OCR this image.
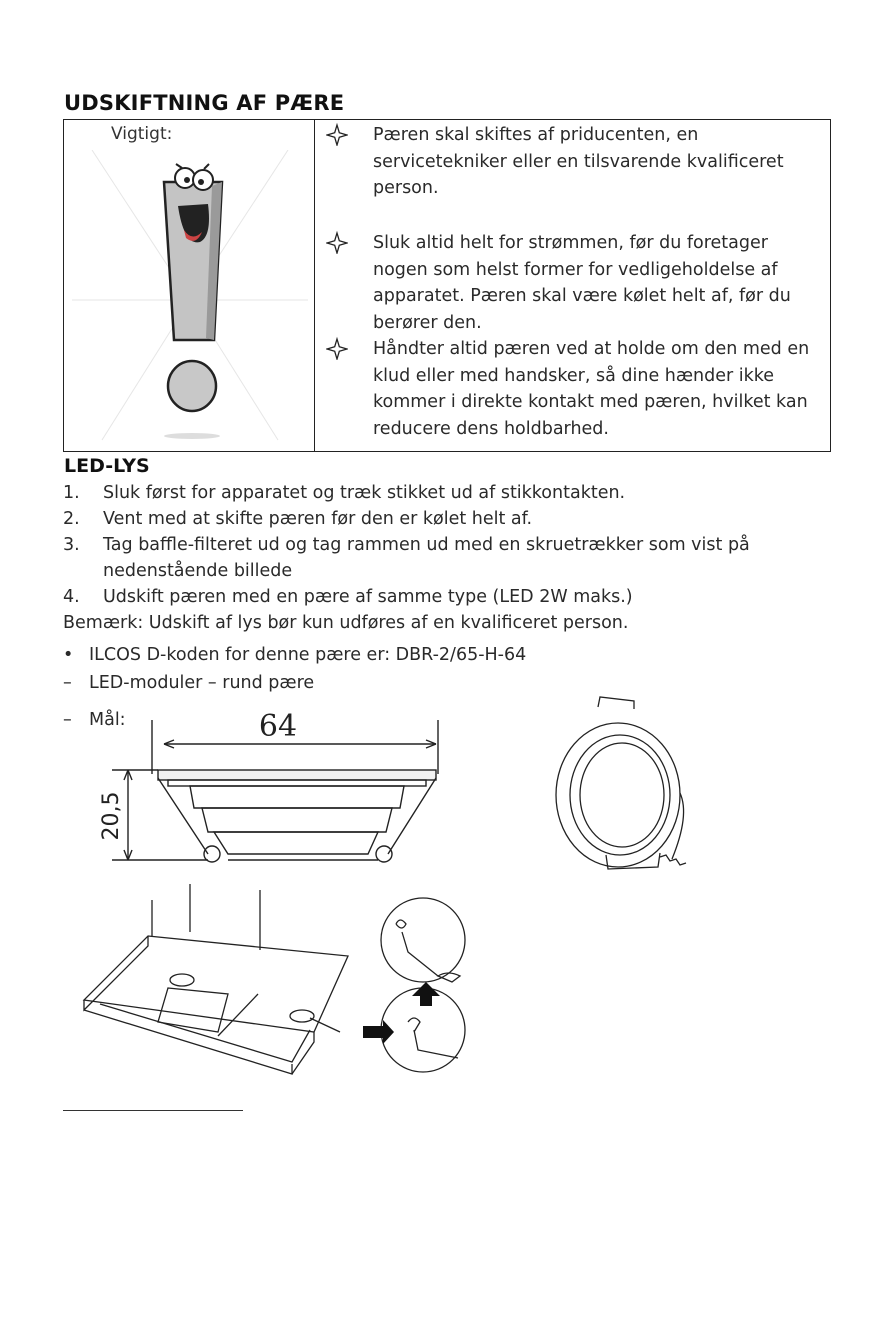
UDSKIFTNING AF PÆRE
Vigtigt:	Pæren skal skiftes af priducenten, en servicetekniker eller en tilsvarende kvalificeret person.
Sluk altid helt for strømmen, før du foretager nogen som helst former for vedligeholdelse af apparatet. Pæren skal være kølet helt af, før du berører den.
Håndter altid pæren ved at holde om den med en klud eller med handsker, så dine hænder ikke kommer i direkte kontakt med pæren, hvilket kan reducere dens holdbarhed.
LED-LYS
1. Sluk først for apparatet og træk stikket ud af stikkontakten.
2. Vent med at skifte pæren før den er kølet helt af.
3. Tag baffle-filteret ud og tag rammen ud med en skruetrækker som vist på
nedenstående billede
4. Udskift pæren med en pære af samme type (LED 2W maks.)
Bemærk: Udskift af lys bør kun udføres af en kvalificeret person.
• ILCOS D-koden for denne pære er: DBR-2/65-H-64
– LED-moduler – rund pære
– Mål:	64
20,5
